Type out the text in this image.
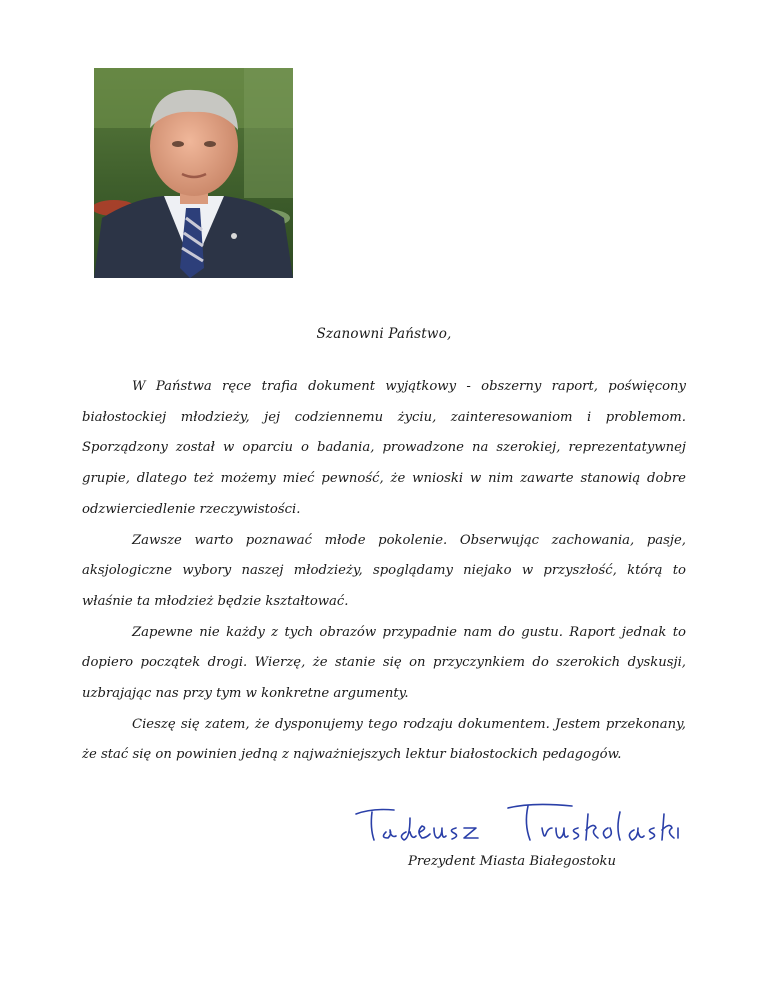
Szanowni Państwo,

W Państwa ręce trafia dokument wyjątkowy - obszerny raport, poświęcony białostockiej młodzieży, jej codziennemu życiu, zainteresowaniom i problemom. Sporządzony został w oparciu o badania, prowadzone na szerokiej, reprezentatywnej grupie, dlatego też możemy mieć pewność, że wnioski w nim zawarte stanowią dobre odzwierciedlenie rzeczywistości.

Zawsze warto poznawać młode pokolenie. Obserwując zachowania, pasje, aksjologiczne wybory naszej młodzieży, spoglądamy niejako w przyszłość, którą to właśnie ta młodzież będzie kształtować.

Zapewne nie każdy z tych obrazów przypadnie nam do gustu. Raport jednak to dopiero początek drogi. Wierzę, że stanie się on przyczynkiem do szerokich dyskusji, uzbrajając nas przy tym w konkretne argumenty.

Cieszę się zatem, że dysponujemy tego rodzaju dokumentem. Jestem przekonany, że stać się on powinien jedną z najważniejszych lektur białostockich pedagogów.

Prezydent Miasta Białegostoku
